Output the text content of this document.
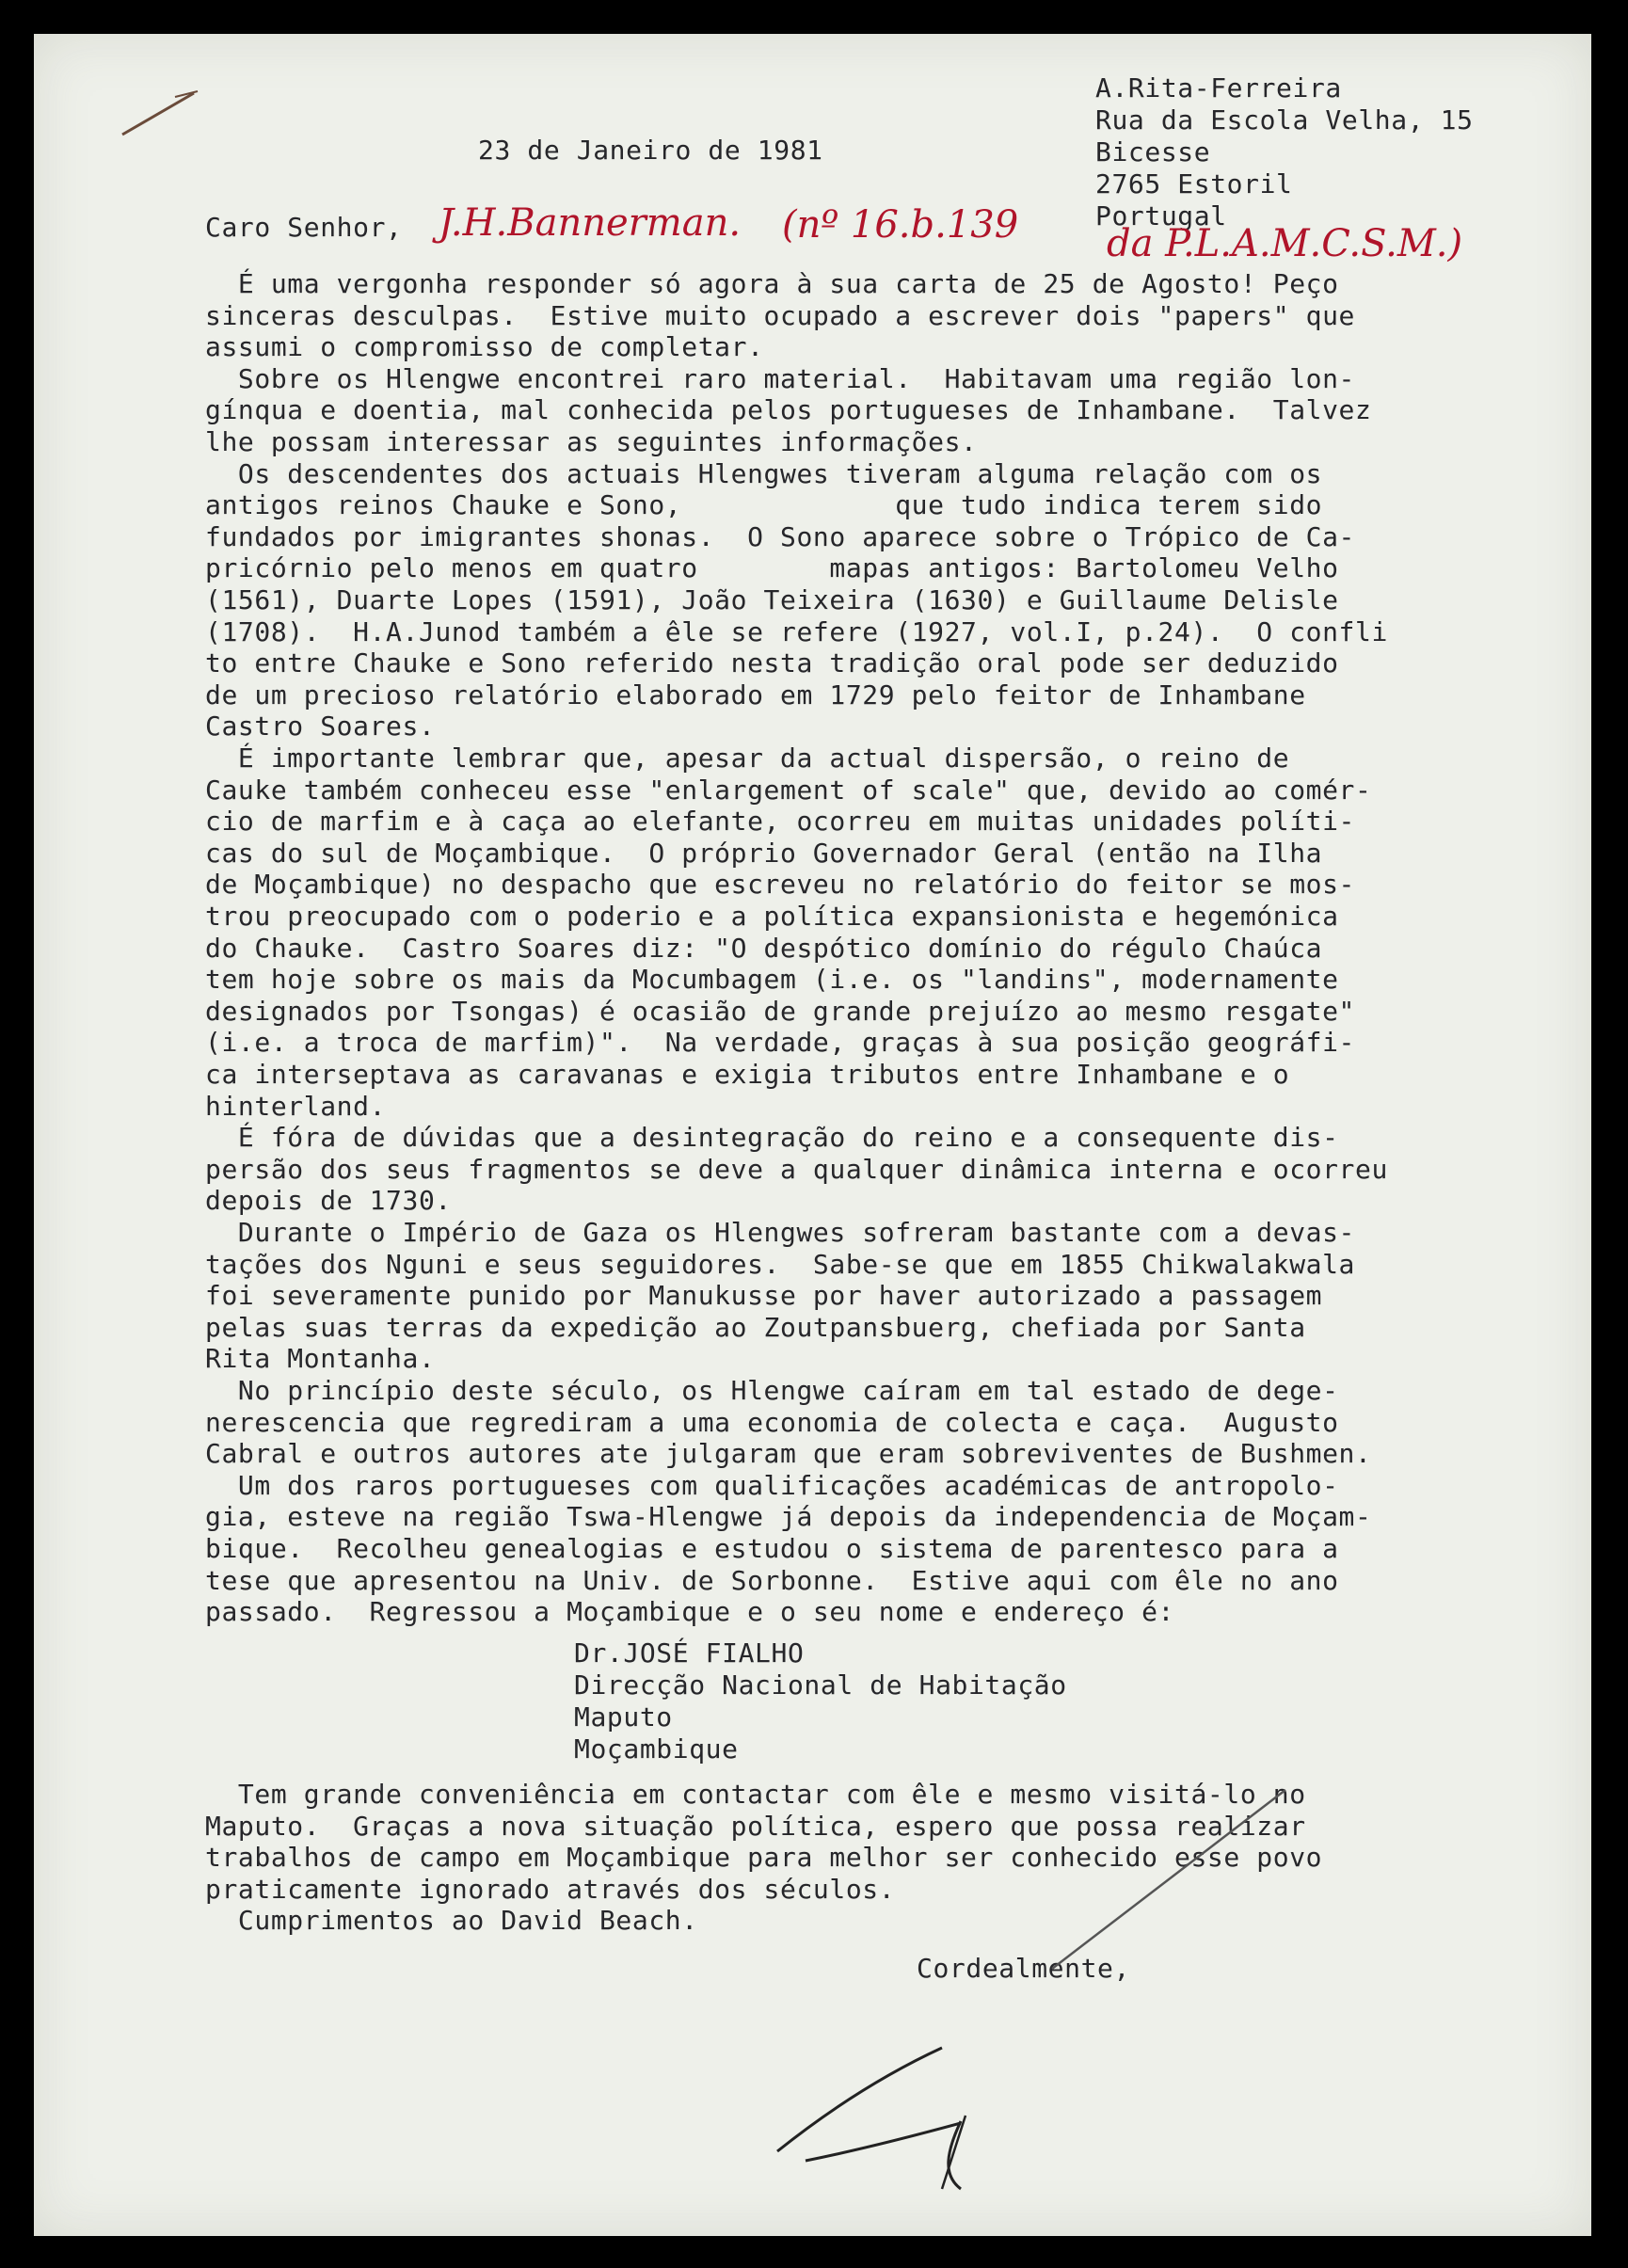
A.Rita-Ferreira

Rua da Escola Velha, 15

Bicesse

2765 Estoril

Portugal

23 de Janeiro de 1981
Caro Senhor, J.H.Bannerman. (nº 16.b.139 da P.L.A.M.C.S.M.)
É uma vergonha responder só agora à sua carta de 25 de Agosto! Peço
sinceras desculpas.  Estive muito ocupado a escrever dois "papers" que
assumi o compromisso de completar.
Sobre os Hlengwe encontrei raro material.  Habitavam uma região lon-
gínqua e doentia, mal conhecida pelos portugueses de Inhambane.  Talvez
lhe possam interessar as seguintes informações.
Os descendentes dos actuais Hlengwes tiveram alguma relação com os
antigos reinos Chauke e Sono,             que tudo indica terem sido
fundados por imigrantes shonas.  O Sono aparece sobre o Trópico de Ca-
pricórnio pelo menos em quatro        mapas antigos: Bartolomeu Velho
(1561), Duarte Lopes (1591), João Teixeira (1630) e Guillaume Delisle
(1708).  H.A.Junod também a êle se refere (1927, vol.I, p.24).  O confli
to entre Chauke e Sono referido nesta tradição oral pode ser deduzido
de um precioso relatório elaborado em 1729 pelo feitor de Inhambane
Castro Soares.
É importante lembrar que, apesar da actual dispersão, o reino de
Cauke também conheceu esse "enlargement of scale" que, devido ao comér-
cio de marfim e à caça ao elefante, ocorreu em muitas unidades políti-
cas do sul de Moçambique.  O próprio Governador Geral (então na Ilha
de Moçambique) no despacho que escreveu no relatório do feitor se mos-
trou preocupado com o poderio e a política expansionista e hegemónica
do Chauke.  Castro Soares diz: "O despótico domínio do régulo Chaúca
tem hoje sobre os mais da Mocumbagem (i.e. os "landins", modernamente
designados por Tsongas) é ocasião de grande prejuízo ao mesmo resgate"
(i.e. a troca de marfim)".  Na verdade, graças à sua posição geográfi-
ca interseptava as caravanas e exigia tributos entre Inhambane e o
hinterland.
É fóra de dúvidas que a desintegração do reino e a consequente dis-
persão dos seus fragmentos se deve a qualquer dinâmica interna e ocorreu
depois de 1730.
Durante o Império de Gaza os Hlengwes sofreram bastante com a devas-
tações dos Nguni e seus seguidores.  Sabe-se que em 1855 Chikwalakwala
foi severamente punido por Manukusse por haver autorizado a passagem
pelas suas terras da expedição ao Zoutpansbuerg, chefiada por Santa
Rita Montanha.
No princípio deste século, os Hlengwe caíram em tal estado de dege-
nerescencia que regrediram a uma economia de colecta e caça.  Augusto
Cabral e outros autores ate julgaram que eram sobreviventes de Bushmen.
Um dos raros portugueses com qualificações académicas de antropolo-
gia, esteve na região Tswa-Hlengwe já depois da independencia de Moçam-
bique.  Recolheu genealogias e estudou o sistema de parentesco para a
tese que apresentou na Univ. de Sorbonne.  Estive aqui com êle no ano
passado.  Regressou a Moçambique e o seu nome e endereço é:

Dr.JOSÉ FIALHO

Direcção Nacional de Habitação

Maputo

Moçambique

Tem grande conveniência em contactar com êle e mesmo visitá-lo no
Maputo.  Graças a nova situação política, espero que possa realizar
trabalhos de campo em Moçambique para melhor ser conhecido esse povo
praticamente ignorado através dos séculos.
Cumprimentos ao David Beach.
Cordealmente,
